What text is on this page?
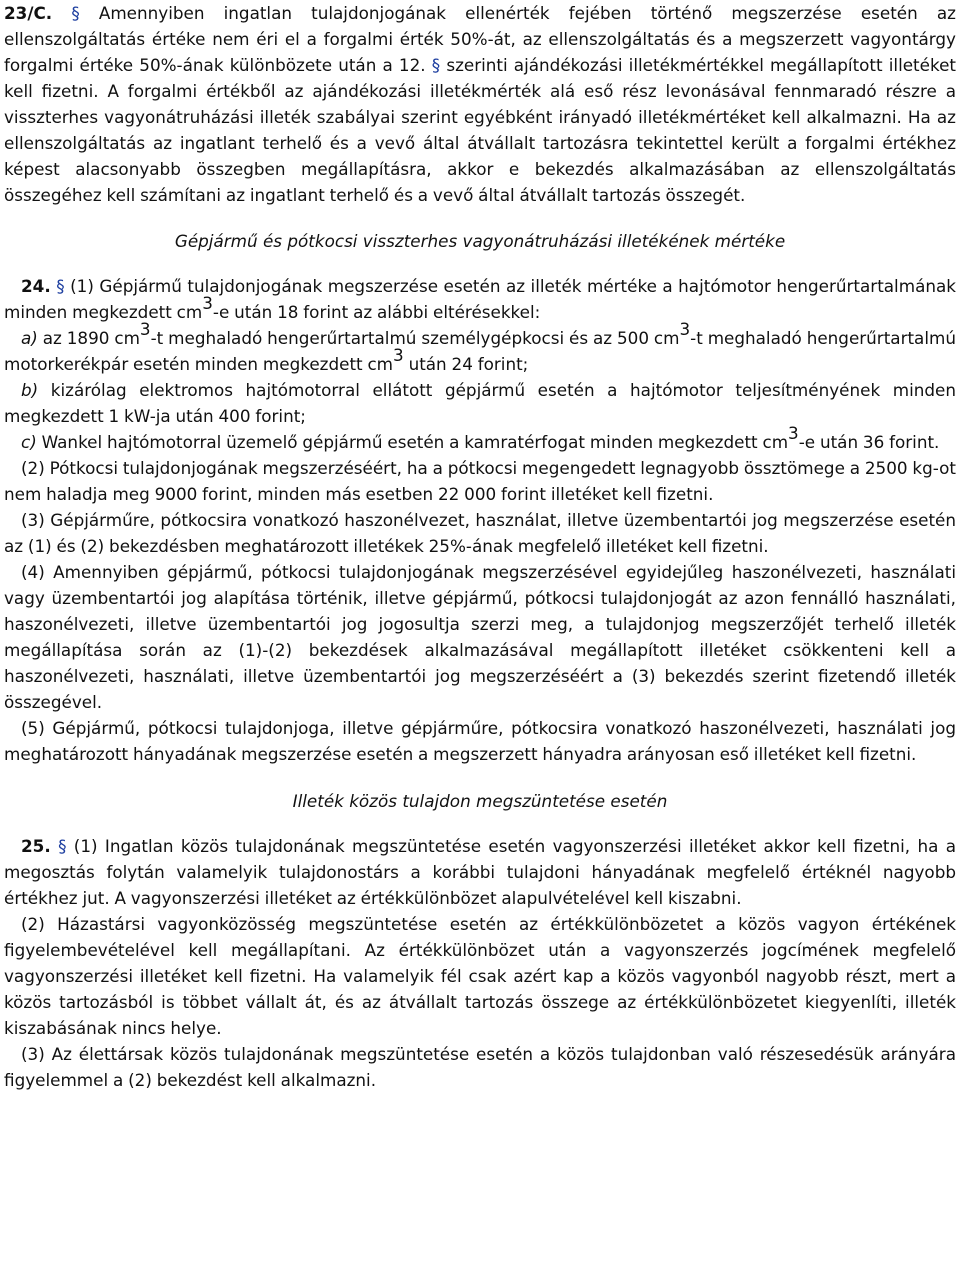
23/C. § Amennyiben ingatlan tulajdonjogának ellenérték fejében történő megszerzése esetén az ellenszolgáltatás értéke nem éri el a forgalmi érték 50%-át, az ellenszolgáltatás és a megszerzett vagyontárgy forgalmi értéke 50%-ának különbözete után a 12. § szerinti ajándékozási illetékmértékkel megállapított illetéket kell fizetni. A forgalmi értékből az ajándékozási illetékmérték alá eső rész levonásával fennmaradó részre a visszterhes vagyonátruházási illeték szabályai szerint egyébként irányadó illetékmértéket kell alkalmazni. Ha az ellenszolgáltatás az ingatlant terhelő és a vevő által átvállalt tartozásra tekintettel került a forgalmi értékhez képest alacsonyabb összegben megállapításra, akkor e bekezdés alkalmazásában az ellenszolgáltatás összegéhez kell számítani az ingatlant terhelő és a vevő által átvállalt tartozás összegét.

Gépjármű és pótkocsi visszterhes vagyonátruházási illetékének mértéke

24. § (1) Gépjármű tulajdonjogának megszerzése esetén az illeték mértéke a hajtómotor hengerűrtartalmának minden megkezdett $cm^3-e$ után 18 forint az alábbi eltérésekkel:

a) az 1890 $cm^3-t$ meghaladó hengerűrtartalmú személygépkocsi és az 500 $cm^3-t$ meghaladó hengerűrtartalmú motorkerékpár esetén minden megkezdett $cm^3$ után 24 forint;

b) kizárólag elektromos hajtómotorral ellátott gépjármű esetén a hajtómotor teljesítményének minden megkezdett 1 kW-ja után 400 forint;

c) Wankel hajtómotorral üzemelő gépjármű esetén a kamratérfogat minden megkezdett $cm^3-e$ után 36 forint.

(2) Pótkocsi tulajdonjogának megszerzéséért, ha a pótkocsi megengedett legnagyobb össztömege a 2500 kg-ot nem haladja meg 9000 forint, minden más esetben 22 000 forint illetéket kell fizetni.

(3) Gépjárműre, pótkocsira vonatkozó haszonélvezet, használat, illetve üzembentartói jog megszerzése esetén az (1) és (2) bekezdésben meghatározott illetékek 25%-ának megfelelő illetéket kell fizetni.

(4) Amennyiben gépjármű, pótkocsi tulajdonjogának megszerzésével egyidejűleg haszonélvezeti, használati vagy üzembentartói jog alapítása történik, illetve gépjármű, pótkocsi tulajdonjogát az azon fennálló használati, haszonélvezeti, illetve üzembentartói jog jogosultja szerzi meg, a tulajdonjog megszerzőjét terhelő illeték megállapítása során az (1)-(2) bekezdések alkalmazásával megállapított illetéket csökkenteni kell a haszonélvezeti, használati, illetve üzembentartói jog megszerzéséért a (3) bekezdés szerint fizetendő illeték összegével.

(5) Gépjármű, pótkocsi tulajdonjoga, illetve gépjárműre, pótkocsira vonatkozó haszonélvezeti, használati jog meghatározott hányadának megszerzése esetén a megszerzett hányadra arányosan eső illetéket kell fizetni.

Illeték közös tulajdon megszüntetése esetén

25. § (1) Ingatlan közös tulajdonának megszüntetése esetén vagyonszerzési illetéket akkor kell fizetni, ha a megosztás folytán valamelyik tulajdonostárs a korábbi tulajdoni hányadának megfelelő értéknél nagyobb értékhez jut. A vagyonszerzési illetéket az értékkülönbözet alapulvételével kell kiszabni.

(2) Házastársi vagyonközösség megszüntetése esetén az értékkülönbözetet a közös vagyon értékének figyelembevételével kell megállapítani. Az értékkülönbözet után a vagyonszerzés jogcímének megfelelő vagyonszerzési illetéket kell fizetni. Ha valamelyik fél csak azért kap a közös vagyonból nagyobb részt, mert a közös tartozásból is többet vállalt át, és az átvállalt tartozás összege az értékkülönbözetet kiegyenlíti, illeték kiszabásának nincs helye.

(3) Az élettársak közös tulajdonának megszüntetése esetén a közös tulajdonban való részesedésük arányára figyelemmel a (2) bekezdést kell alkalmazni.
